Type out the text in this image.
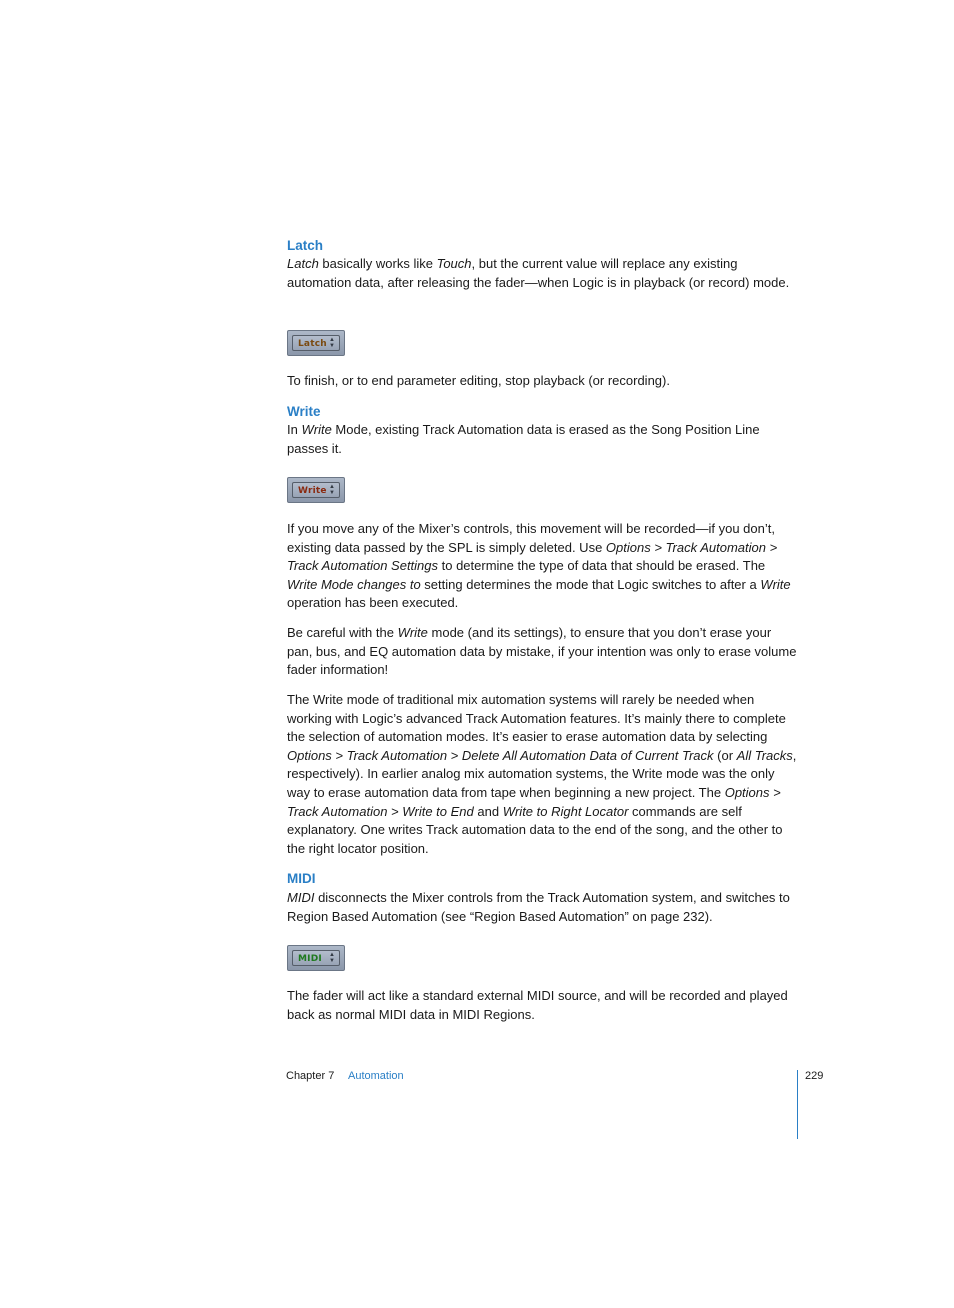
Latch

Latch basically works like Touch, but the current value will replace any existing automation data, after releasing the fader—when Logic is in playback (or record) mode.

Latch ▲
▼

To finish, or to end parameter editing, stop playback (or recording).

Write

In Write Mode, existing Track Automation data is erased as the Song Position Line passes it.

Write ▲
▼

If you move any of the Mixer’s controls, this movement will be recorded—if you don’t, existing data passed by the SPL is simply deleted. Use Options > Track Automation > Track Automation Settings to determine the type of data that should be erased. The Write Mode changes to setting determines the mode that Logic switches to after a Write operation has been executed.

Be careful with the Write mode (and its settings), to ensure that you don’t erase your pan, bus, and EQ automation data by mistake, if your intention was only to erase volume fader information!

The Write mode of traditional mix automation systems will rarely be needed when working with Logic’s advanced Track Automation features. It’s mainly there to complete the selection of automation modes. It’s easier to erase automation data by selecting Options > Track Automation > Delete All Automation Data of Current Track (or All Tracks, respectively). In earlier analog mix automation systems, the Write mode was the only way to erase automation data from tape when beginning a new project. The Options > Track Automation > Write to End and Write to Right Locator commands are self explanatory. One writes Track automation data to the end of the song, and the other to the right locator position.

MIDI

MIDI disconnects the Mixer controls from the Track Automation system, and switches to Region Based Automation (see “Region Based Automation” on page 232).

MIDI ▲
▼

The fader will act like a standard external MIDI source, and will be recorded and played back as normal MIDI data in MIDI Regions.

Chapter 7 Automation	229
